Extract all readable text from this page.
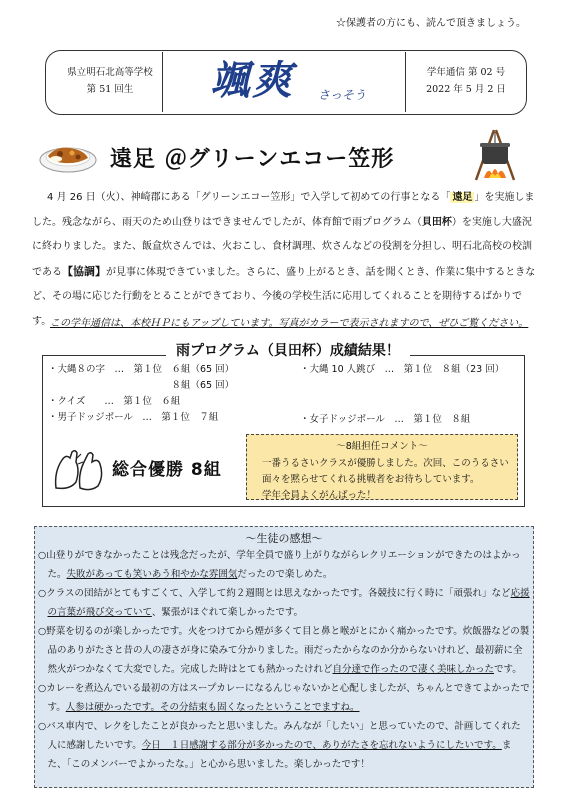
☆保護者の方にも、読んで頂きましょう。
県立明石北高等学校
第 51 回生	颯爽 さっそう
学年通信 第 02 号
2022 年 5 月 2 日
遠足 ＠グリーンエコー笠形

4 月 26 日（火）、神崎郡にある「グリーンエコー笠形」で入学して初めての行事となる「 遠足 」を実施しました。残念ながら、雨天のため山登りはできませんでしたが、体育館で雨プログラム（貝田杯）を実施し大盛況に終わりました。また、飯盒炊さんでは、火おこし、食材調理、炊さんなどの役割を分担し、明石北高校の校訓である【協調】が見事に体現できていました。さらに、盛り上がるとき、話を聞くとき、作業に集中するときなど、その場に応じた行動をとることができており、今後の学校生活に応用してくれることを期待するばかりです。

この学年通信は、本校ＨＰにもアップしています。写真がカラーで表示されますので、ぜひご覧ください。
雨プログラム（貝田杯）成績結果！
・大縄８の字　…　第１位　６組（65 回）
　　　　　　　　　　　　　８組（65 回）
・クイズ　　…　第１位　６組
・男子ドッジボール　…　第１位　７組
・大縄 10 人跳び　…　第１位　８組（23 回）
・女子ドッジボール　…　第１位　８組
総合優勝 8組
～8組担任コメント～
一番うるさいクラスが優勝しました。次回、このうるさい
面々を黙らせてくれる挑戦者をお待ちしています。
学年全員よくがんばった！
～生徒の感想～
○山登りができなかったことは残念だったが、学年全員で盛り上がりながらレクリエーションができたのはよかった。失敗があっても笑いあう和やかな雰囲気だったので楽しめた。
○クラスの団結がとてもすごくて、入学して約２週間とは思えなかったです。各競技に行く時に「頑張れ」など応援の言葉が飛び交っていて、緊張がほぐれて楽しかったです。
○野菜を切るのが楽しかったです。火をつけてから煙が多くて目と鼻と喉がとにかく痛かったです。炊飯器などの製品のありがたさと昔の人の凄さが身に染みて分かりました。雨だったからなのか分からないけれど、最初薪に全然火がつかなくて大変でした。完成した時はとても熱かったけれど自分達で作ったので凄く美味しかったです。
○カレーを煮込んでいる最初の方はスープカレーになるんじゃないかと心配しましたが、ちゃんとできてよかったです。人参は硬かったです。その分結束も固くなったということでますね。
○バス車内で、レクをしたことが良かったと思いました。みんなが「したい」と思っていたので、計画してくれた人に感謝したいです。今日　１日感謝する部分が多かったので、ありがたさを忘れないようにしたいです。また、「このメンバーでよかったな。」と心から思いました。楽しかったです！
